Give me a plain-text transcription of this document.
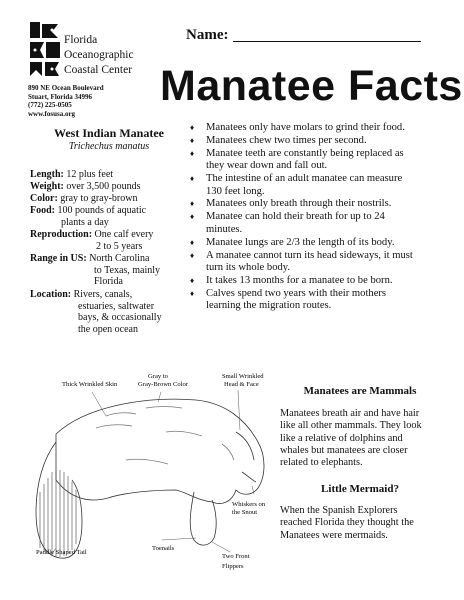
Florida
Oceanographic
Coastal Center
890 NE Ocean Boulevard
Stuart, Florida 34996
(772) 225-0505
www.fosusa.org
Name:
Manatee Facts
West Indian Manatee
Trichechus manatus
Length: 12 plus feet
Weight: over 3,500 pounds
Color: gray to gray-brown
Food: 100 pounds of aquatic
plants a day
Reproduction: One calf every
2 to 5 years
Range in US: North Carolina
to Texas, mainly
Florida
Location: Rivers, canals,
estuaries, saltwater
bays, & occasionally
the open ocean
♦ Manatees only have molars to grind their food.
♦ Manatees chew two times per second.
♦ Manatee teeth are constantly being replaced as they wear down and fall out.
♦ The intestine of an adult manatee can measure 130 feet long.
♦ Manatees only breath through their nostrils.
♦ Manatee can hold their breath for up to 24 minutes.
♦ Manatee lungs are 2/3 the length of its body.
♦ A manatee cannot turn its head sideways, it must turn its whole body.
♦ It takes 13 months for a manatee to be born.
♦ Calves spend two years with their mothers learning the migration routes.
Thick Wrinkled Skin
Gray to
Gray-Brown Color
Small Wrinkled
Head & Face
Whiskers on
the Snout
Paddle Shaped Tail
Toenails
Two Front
Flippers
Manatees are Mammals
Manatees breath air and have hair
like all other mammals. They look
like a relative of dolphins and
whales but manatees are closer
related to elephants.
Little Mermaid?
When the Spanish Explorers
reached Florida they thought the
Manatees were mermaids.
